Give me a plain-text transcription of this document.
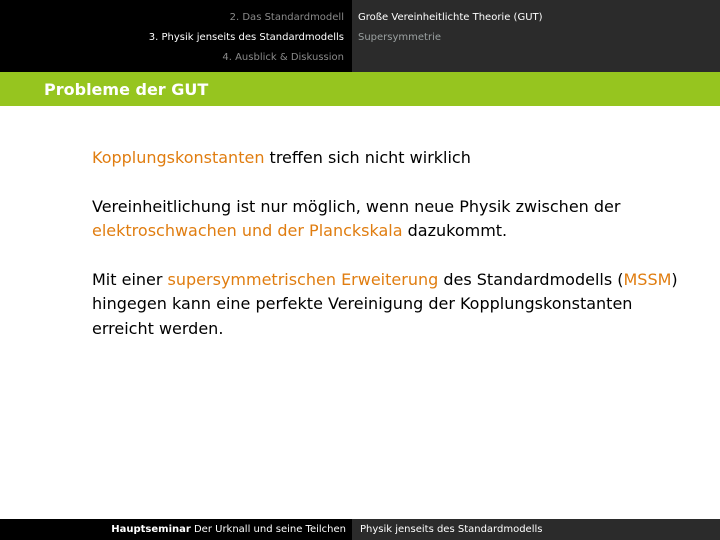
2. Das Standardmodell
3. Physik jenseits des Standardmodells
4. Ausblick & Diskussion
Große Vereinheitlichte Theorie (GUT)
Supersymmetrie
Probleme der GUT

Kopplungskonstanten treffen sich nicht wirklich

Vereinheitlichung ist nur möglich, wenn neue Physik zwischen der elektroschwachen und der Planckskala dazukommt.

Mit einer supersymmetrischen Erweiterung des Standardmodells (MSSM) hingegen kann eine perfekte Vereinigung der Kopplungskonstanten erreicht werden.

Hauptseminar Der Urknall und seine Teilchen	Physik jenseits des Standardmodells
